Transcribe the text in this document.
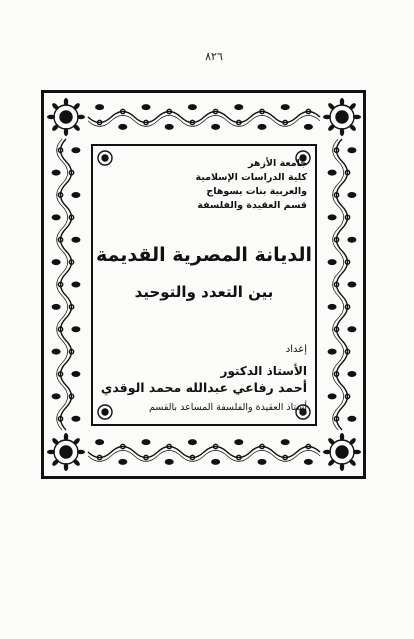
٨٢٦
جامعة الأزهر
كلية الدراسات الإسلامية
والعربية بنات بسوهاج
قسم العقيدة والفلسفة
الديانة المصرية القديمة
بين التعدد والتوحيد
إعداد
الأستاذ الدكتور
أحمد رفاعي عبدالله محمد الوقدي
أستاذ العقيدة والفلسفة المساعد بالقسم
